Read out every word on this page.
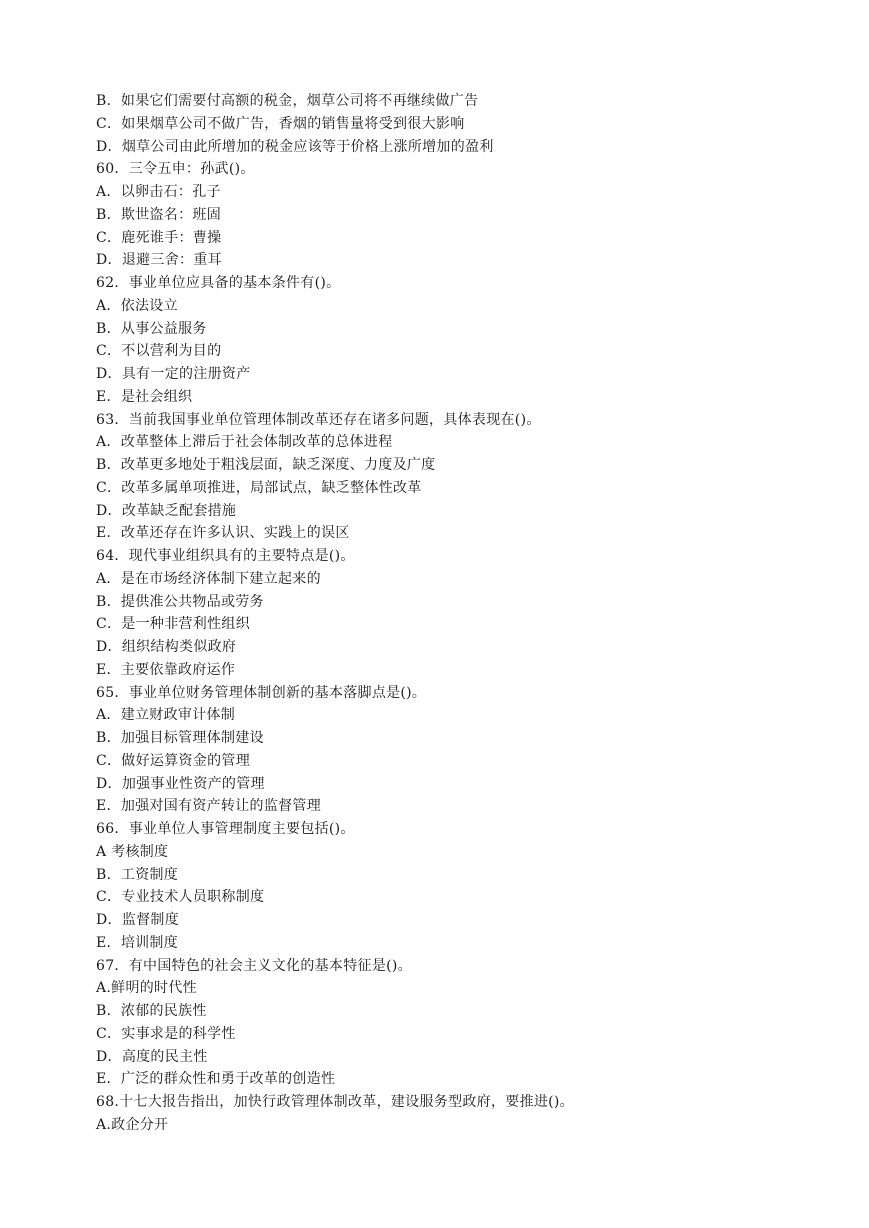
B．如果它们需要付高额的税金，烟草公司将不再继续做广告
C．如果烟草公司不做广告，香烟的销售量将受到很大影响
D．烟草公司由此所增加的税金应该等于价格上涨所增加的盈利
60．三令五申：孙武()。
A．以卵击石：孔子
B．欺世盗名：班固
C．鹿死谁手：曹操
D．退避三舍：重耳
62．事业单位应具备的基本条件有()。
A．依法设立
B．从事公益服务
C．不以营利为目的
D．具有一定的注册资产
E．是社会组织
63．当前我国事业单位管理体制改革还存在诸多问题，具体表现在()。
A．改革整体上滞后于社会体制改革的总体进程
B．改革更多地处于粗浅层面，缺乏深度、力度及广度
C．改革多属单项推进，局部试点，缺乏整体性改革
D．改革缺乏配套措施
E．改革还存在许多认识、实践上的误区
64．现代事业组织具有的主要特点是()。
A．是在市场经济体制下建立起来的
B．提供准公共物品或劳务
C．是一种非营利性组织
D．组织结构类似政府
E．主要依靠政府运作
65．事业单位财务管理体制创新的基本落脚点是()。
A．建立财政审计体制
B．加强目标管理体制建设
C．做好运算资金的管理
D．加强事业性资产的管理
E．加强对国有资产转让的监督管理
66．事业单位人事管理制度主要包括()。
A 考核制度
B．工资制度
C．专业技术人员职称制度
D．监督制度
E．培训制度
67．有中国特色的社会主义文化的基本特征是()。
A.鲜明的时代性
B．浓郁的民族性
C．实事求是的科学性
D．高度的民主性
E．广泛的群众性和勇于改革的创造性
68.十七大报告指出，加快行政管理体制改革，建设服务型政府，要推进()。
A.政企分开
